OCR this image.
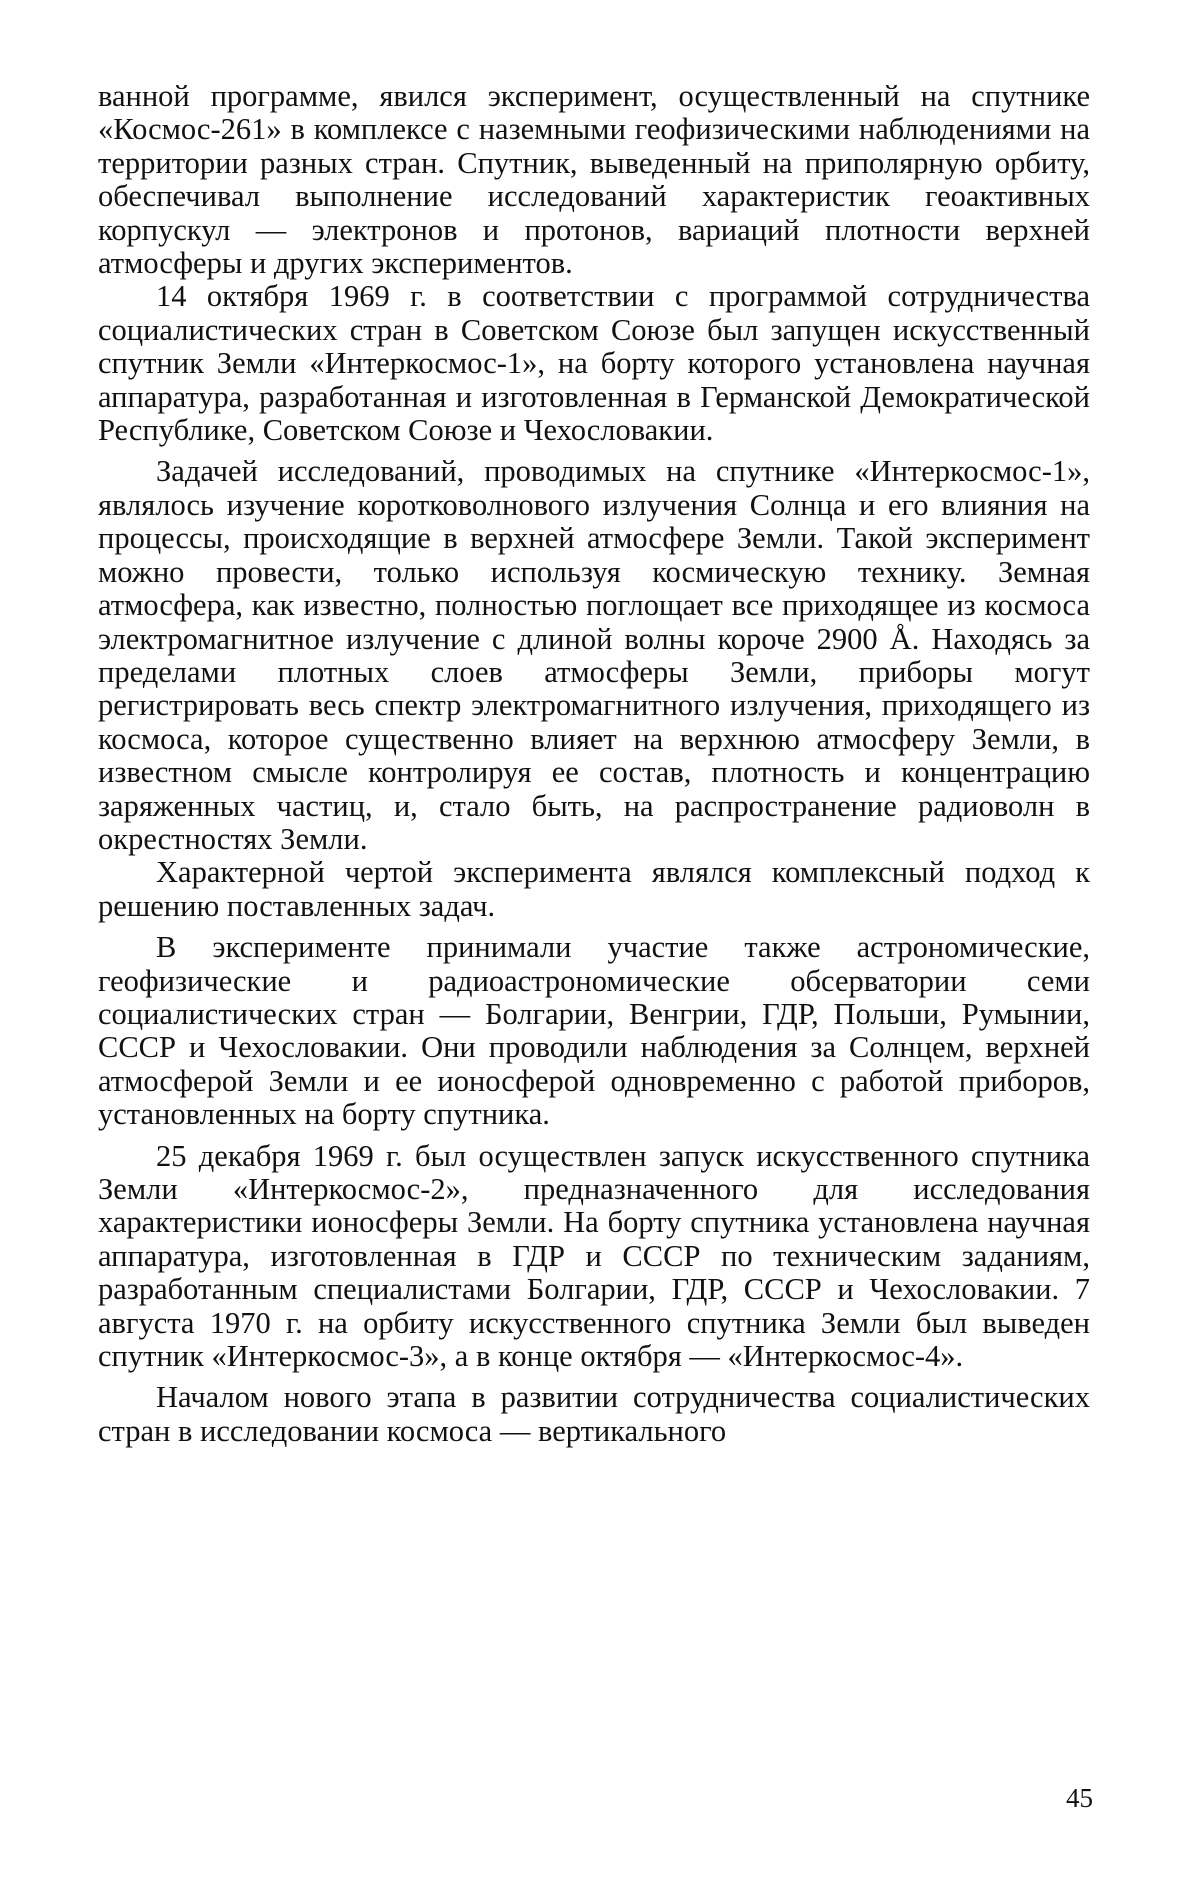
ванной программе, явился эксперимент, осуществленный на спутнике «Космос-261» в комплексе с наземными геофизическими наблюдениями на территории разных стран. Спутник, выведенный на приполярную орбиту, обеспечивал выполнение исследований характеристик геоактивных корпускул — электронов и протонов, вариаций плотности верхней атмосферы и других экспериментов.

14 октября 1969 г. в соответствии с программой сотрудничества социалистических стран в Советском Союзе был запущен искусственный спутник Земли «Интеркосмос-1», на борту которого установлена научная аппаратура, разработанная и изготовленная в Германской Демократической Республике, Советском Союзе и Чехословакии.

Задачей исследований, проводимых на спутнике «Интеркосмос-1», являлось изучение коротковолнового излучения Солнца и его влияния на процессы, происходящие в верхней атмосфере Земли. Такой эксперимент можно провести, только используя космическую технику. Земная атмосфера, как известно, полностью поглощает все приходящее из космоса электромагнитное излучение с длиной волны короче 2900 Å. Находясь за пределами плотных слоев атмосферы Земли, приборы могут регистрировать весь спектр электромагнитного излучения, приходящего из космоса, которое существенно влияет на верхнюю атмосферу Земли, в известном смысле контролируя ее состав, плотность и концентрацию заряженных частиц, и, стало быть, на распространение радиоволн в окрестностях Земли.

Характерной чертой эксперимента являлся комплексный подход к решению поставленных задач.

В эксперименте принимали участие также астрономические, геофизические и радиоастрономические обсерватории семи социалистических стран — Болгарии, Венгрии, ГДР, Польши, Румынии, СССР и Чехословакии. Они проводили наблюдения за Солнцем, верхней атмосферой Земли и ее ионосферой одновременно с работой приборов, установленных на борту спутника.

25 декабря 1969 г. был осуществлен запуск искусственного спутника Земли «Интеркосмос-2», предназначенного для исследования характеристики ионосферы Земли. На борту спутника установлена научная аппаратура, изготовленная в ГДР и СССР по техническим заданиям, разработанным специалистами Болгарии, ГДР, СССР и Чехословакии. 7 августа 1970 г. на орбиту искусственного спутника Земли был выведен спутник «Интеркосмос-3», а в конце октября — «Интеркосмос-4».

Началом нового этапа в развитии сотрудничества социалистических стран в исследовании космоса — вертикального

45
